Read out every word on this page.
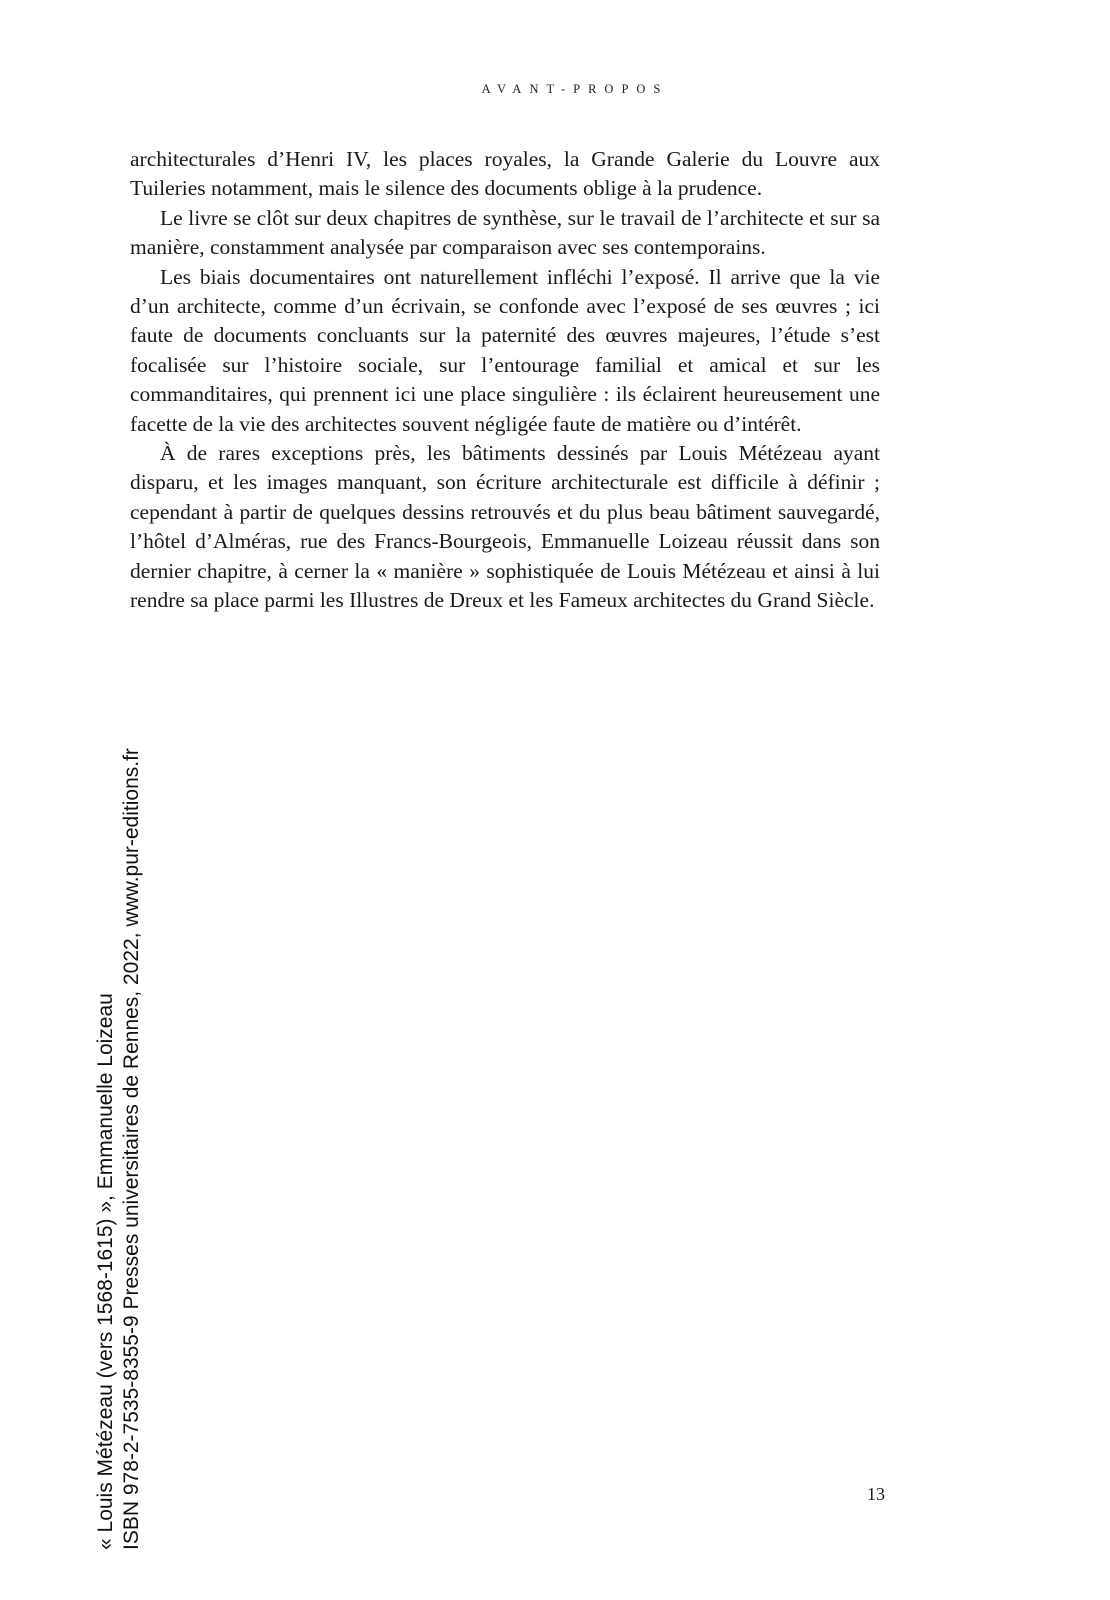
AVANT-PROPOS

architecturales d’Henri IV, les places royales, la Grande Galerie du Louvre aux Tuileries notamment, mais le silence des documents oblige à la prudence.

Le livre se clôt sur deux chapitres de synthèse, sur le travail de l’architecte et sur sa manière, constamment analysée par comparaison avec ses contemporains.

Les biais documentaires ont naturellement infléchi l’exposé. Il arrive que la vie d’un architecte, comme d’un écrivain, se confonde avec l’exposé de ses œuvres ; ici faute de documents concluants sur la paternité des œuvres majeures, l’étude s’est focalisée sur l’histoire sociale, sur l’entourage familial et amical et sur les commanditaires, qui prennent ici une place singulière : ils éclairent heureusement une facette de la vie des architectes souvent négligée faute de matière ou d’intérêt.

À de rares exceptions près, les bâtiments dessinés par Louis Métézeau ayant disparu, et les images manquant, son écriture architecturale est difficile à définir ; cependant à partir de quelques dessins retrouvés et du plus beau bâtiment sauvegardé, l’hôtel d’Alméras, rue des Francs-Bourgeois, Emmanuelle Loizeau réussit dans son dernier chapitre, à cerner la « manière » sophistiquée de Louis Métézeau et ainsi à lui rendre sa place parmi les Illustres de Dreux et les Fameux architectes du Grand Siècle.

13
« Louis Métézeau (vers 1568-1615) », Emmanuelle Loizeau ISBN 978-2-7535-8355-9 Presses universitaires de Rennes, 2022, www.pur-editions.fr
